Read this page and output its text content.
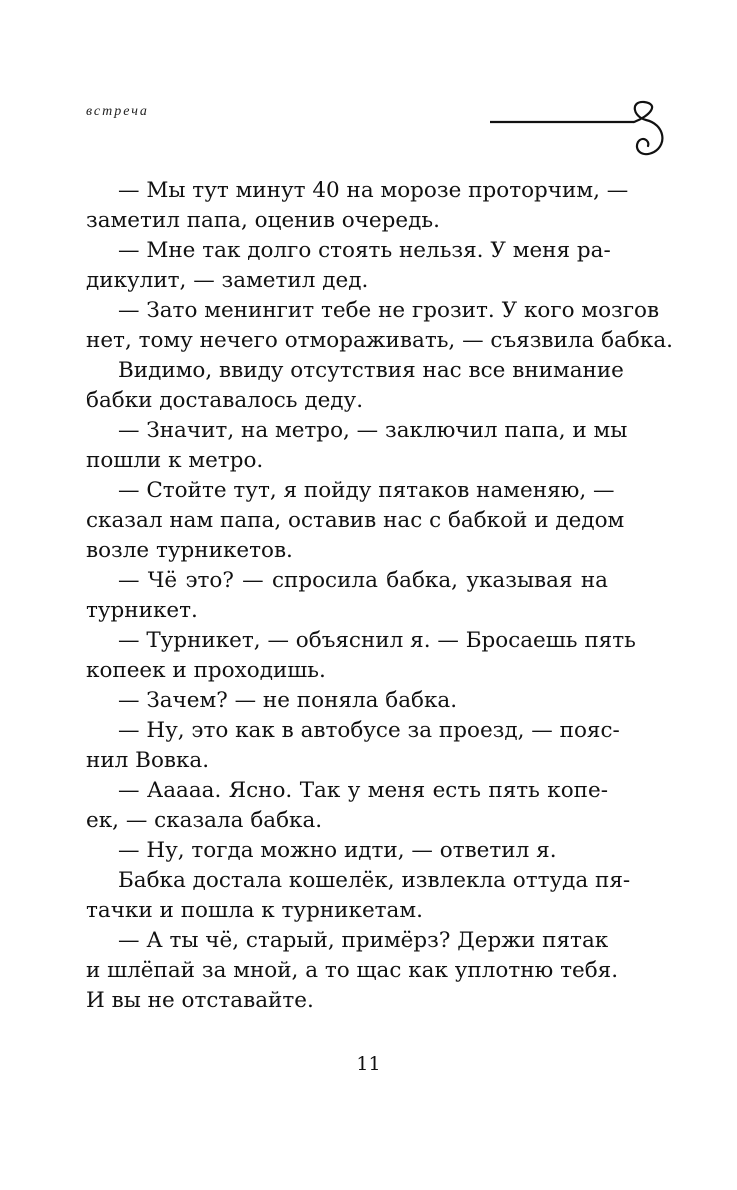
встреча
— Мы тут минут 40 на морозе проторчим, —
заметил папа, оценив очередь.
— Мне так долго стоять нельзя. У меня ра-
дикулит, — заметил дед.
— Зато менингит тебе не грозит. У кого мозгов
нет, тому нечего отмораживать, — съязвила бабка.
Видимо, ввиду отсутствия нас все внимание
бабки доставалось деду.
— Значит, на метро, — заключил папа, и мы
пошли к метро.
— Стойте тут, я пойду пятаков наменяю, —
сказал нам папа, оставив нас с бабкой и дедом
возле турникетов.
— Чё это? — спросила бабка, указывая на
турникет.
— Турникет, — объяснил я. — Бросаешь пять
копеек и проходишь.
— Зачем? — не поняла бабка.
— Ну, это как в автобусе за проезд, — пояс-
нил Вовка.
— Ааааа. Ясно. Так у меня есть пять копе-
ек, — сказала бабка.
— Ну, тогда можно идти, — ответил я.
Бабка достала кошелёк, извлекла оттуда пя-
тачки и пошла к турникетам.
— А ты чё, старый, примёрз? Держи пятак
и шлёпай за мной, а то щас как уплотню тебя.
И вы не отставайте.
11
